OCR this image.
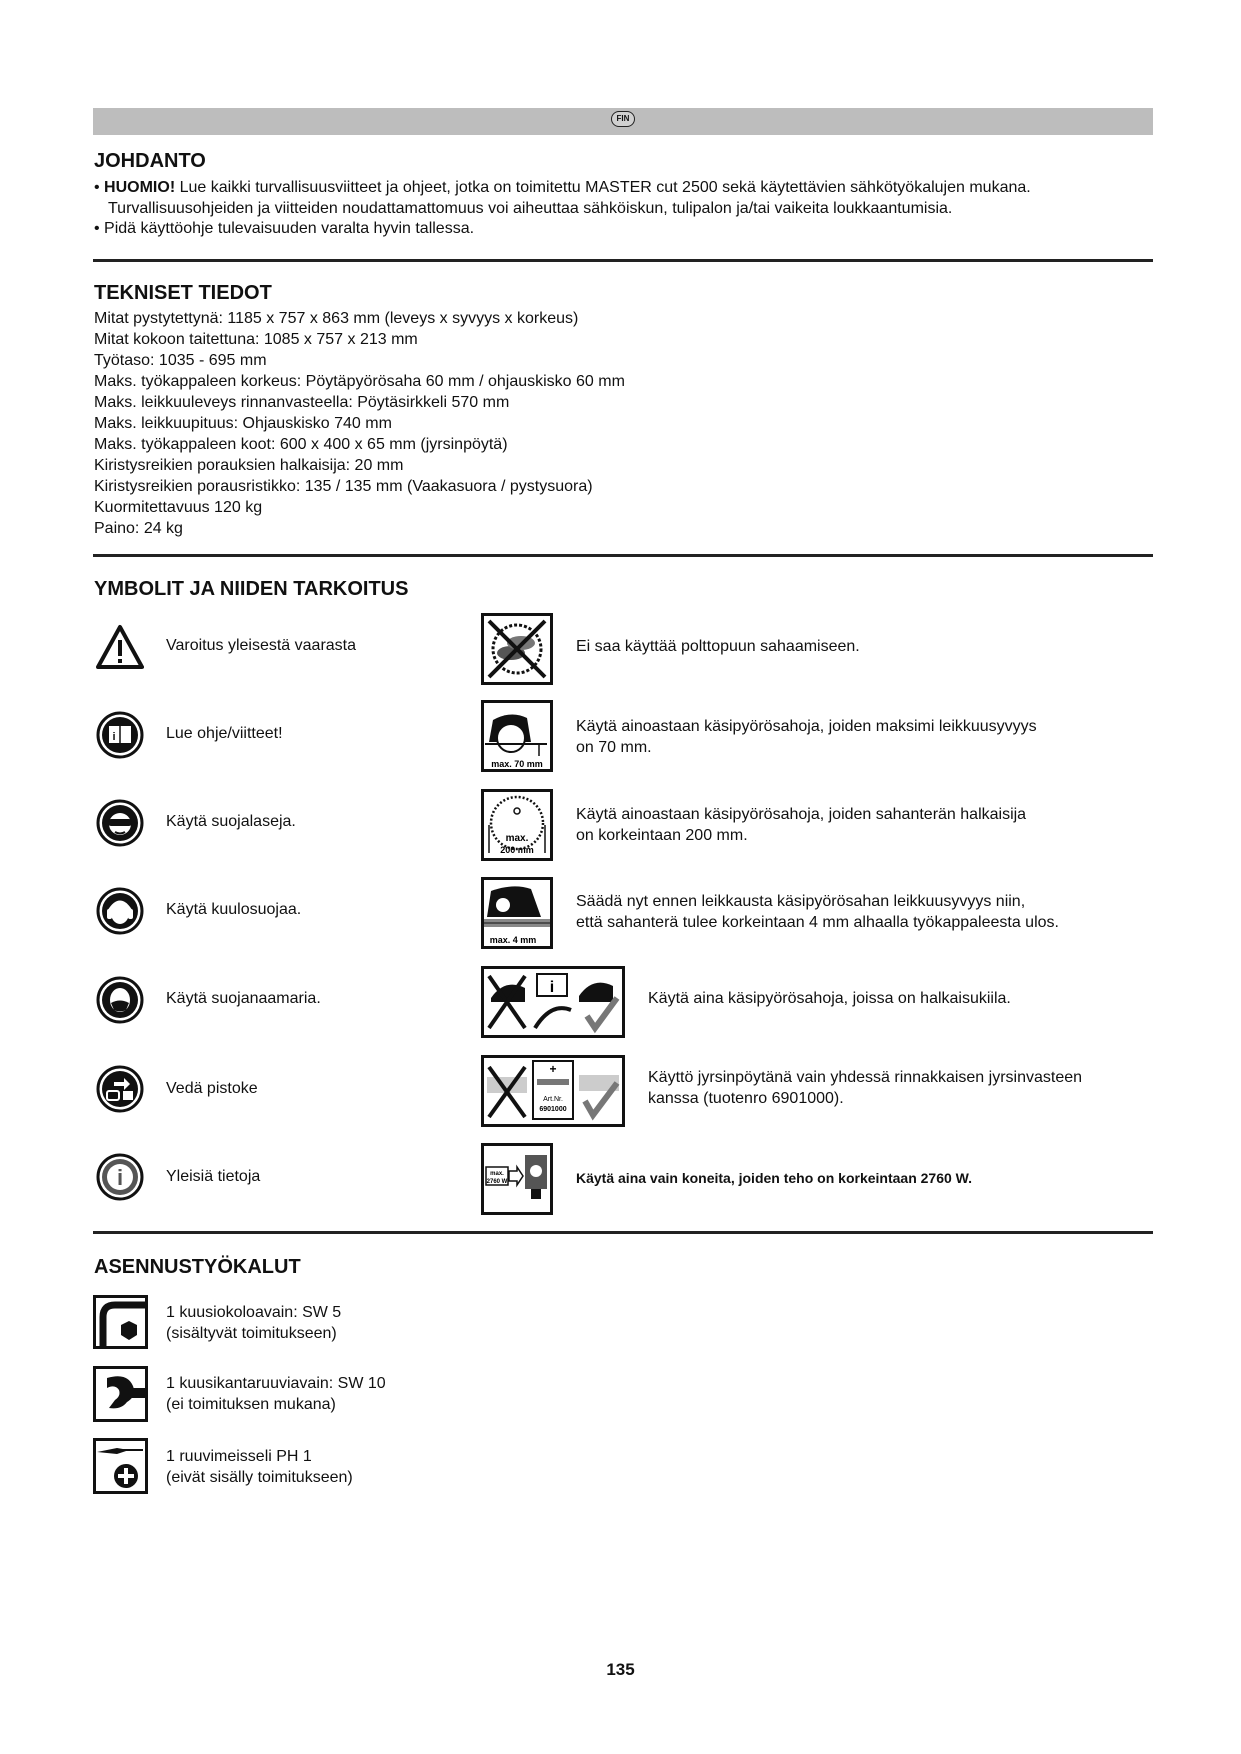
FIN
JOHDANTO
• HUOMIO! Lue kaikki turvallisuusviitteet ja ohjeet, jotka on toimitettu MASTER cut 2500 sekä käytettävien sähkötyökalujen mukana.
Turvallisuusohjeiden ja viitteiden noudattamattomuus voi aiheuttaa sähköiskun, tulipalon ja/tai vaikeita loukkaantumisia.
• Pidä käyttöohje tulevaisuuden varalta hyvin tallessa.
TEKNISET TIEDOT
Mitat pystytettynä: 1185 x 757 x 863 mm (leveys x syvyys x korkeus)
Mitat kokoon taitettuna: 1085 x 757 x 213 mm
Työtaso: 1035 - 695 mm
Maks. työkappaleen korkeus: Pöytäpyörösaha 60 mm / ohjauskisko 60 mm
Maks. leikkuuleveys rinnanvasteella: Pöytäsirkkeli 570 mm
Maks. leikkuupituus: Ohjauskisko 740 mm
Maks. työkappaleen koot: 600 x 400 x 65 mm (jyrsinpöytä)
Kiristysreikien porauksien halkaisija: 20 mm
Kiristysreikien porausristikko: 135 / 135 mm (Vaakasuora / pystysuora)
Kuormitettavuus 120 kg
Paino: 24 kg
YMBOLIT JA NIIDEN TARKOITUS
Varoitus yleisestä vaarasta
i	Lue ohje/viitteet!
Käytä suojalaseja.
Käytä kuulosuojaa.
Käytä suojanaamaria.
Vedä pistoke
i	Yleisiä tietoja
Ei saa käyttää polttopuun sahaamiseen.
max. 70 mm
Käytä ainoastaan käsipyörösahoja, joiden maksimi leikkuusyvyys
on 70 mm.
max.
200 mm
Käytä ainoastaan käsipyörösahoja, joiden sahanterän halkaisija
on korkeintaan 200 mm.
max. 4 mm
Säädä nyt ennen leikkausta käsipyörösahan leikkuusyvyys niin,
että sahanterä tulee korkeintaan 4 mm alhaalla työkappaleesta ulos.
i
Käytä aina käsipyörösahoja, joissa on halkaisukiila.
+
Art.Nr.
6901000
Käyttö jyrsinpöytänä vain yhdessä rinnakkaisen jyrsinvasteen
kanssa (tuotenro 6901000).
max.
2760 W	Käytä aina vain koneita, joiden teho on korkeintaan 2760 W.
ASENNUSTYÖKALUT
1 kuusiokoloavain: SW 5
(sisältyvät toimitukseen)
1 kuusikantaruuviavain: SW 10
(ei toimituksen mukana)
1 ruuvimeisseli PH 1
(eivät sisälly toimitukseen)
135
